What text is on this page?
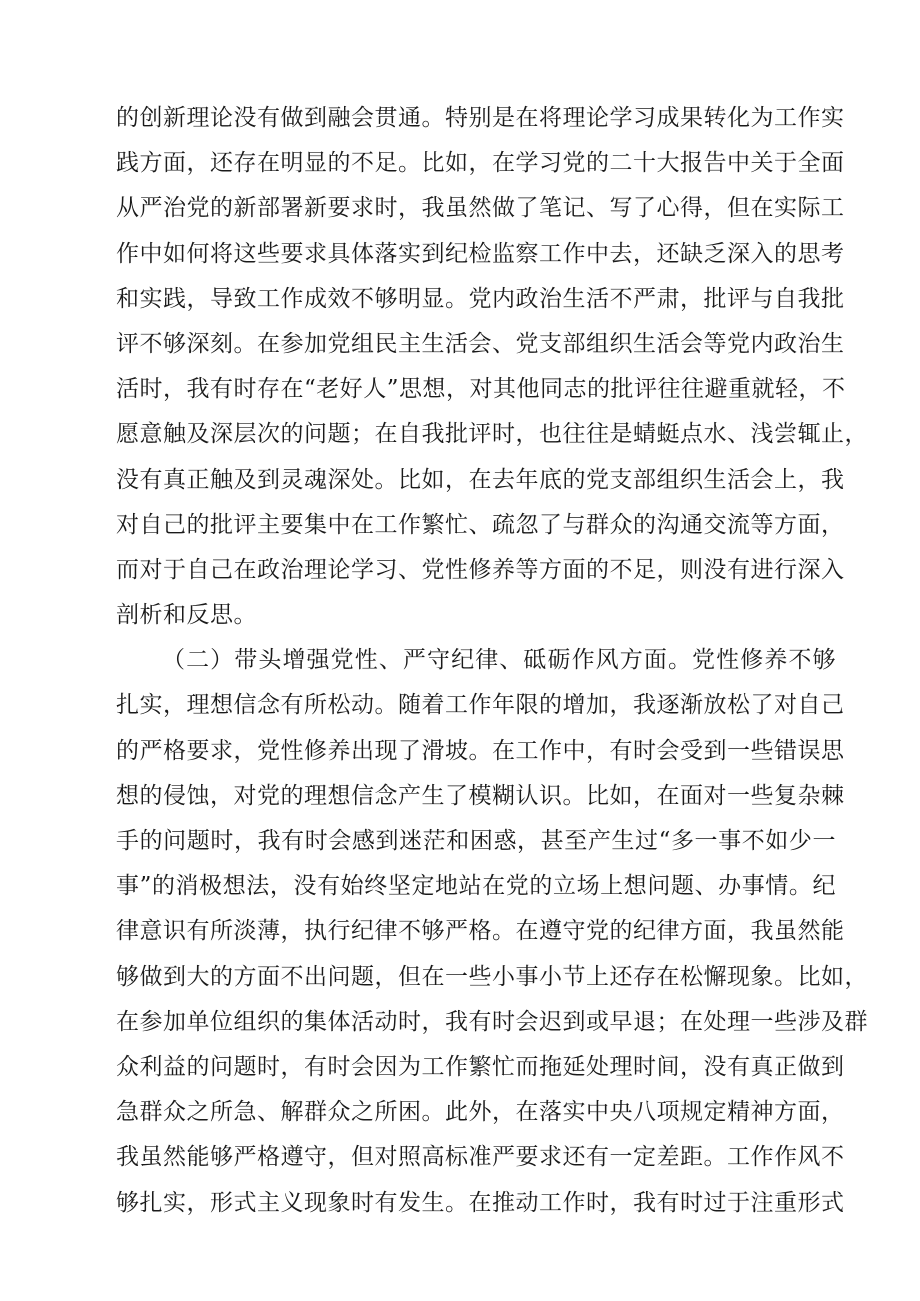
的创新理论没有做到融会贯通。特别是在将理论学习成果转化为工作实
践方面，还存在明显的不足。比如，在学习党的二十大报告中关于全面
从严治党的新部署新要求时，我虽然做了笔记、写了心得，但在实际工
作中如何将这些要求具体落实到纪检监察工作中去，还缺乏深入的思考
和实践，导致工作成效不够明显。党内政治生活不严肃，批评与自我批
评不够深刻。在参加党组民主生活会、党支部组织生活会等党内政治生
活时，我有时存在“老好人”思想，对其他同志的批评往往避重就轻，不
愿意触及深层次的问题；在自我批评时，也往往是蜻蜓点水、浅尝辄止，
没有真正触及到灵魂深处。比如，在去年底的党支部组织生活会上，我
对自己的批评主要集中在工作繁忙、疏忽了与群众的沟通交流等方面，
而对于自己在政治理论学习、党性修养等方面的不足，则没有进行深入
剖析和反思。
（二）带头增强党性、严守纪律、砥砺作风方面。党性修养不够
扎实，理想信念有所松动。随着工作年限的增加，我逐渐放松了对自己
的严格要求，党性修养出现了滑坡。在工作中，有时会受到一些错误思
想的侵蚀，对党的理想信念产生了模糊认识。比如，在面对一些复杂棘
手的问题时，我有时会感到迷茫和困惑，甚至产生过“多一事不如少一
事”的消极想法，没有始终坚定地站在党的立场上想问题、办事情。纪
律意识有所淡薄，执行纪律不够严格。在遵守党的纪律方面，我虽然能
够做到大的方面不出问题，但在一些小事小节上还存在松懈现象。比如，
在参加单位组织的集体活动时，我有时会迟到或早退；在处理一些涉及群
众利益的问题时，有时会因为工作繁忙而拖延处理时间，没有真正做到
急群众之所急、解群众之所困。此外，在落实中央八项规定精神方面，
我虽然能够严格遵守，但对照高标准严要求还有一定差距。工作作风不
够扎实，形式主义现象时有发生。在推动工作时，我有时过于注重形式
